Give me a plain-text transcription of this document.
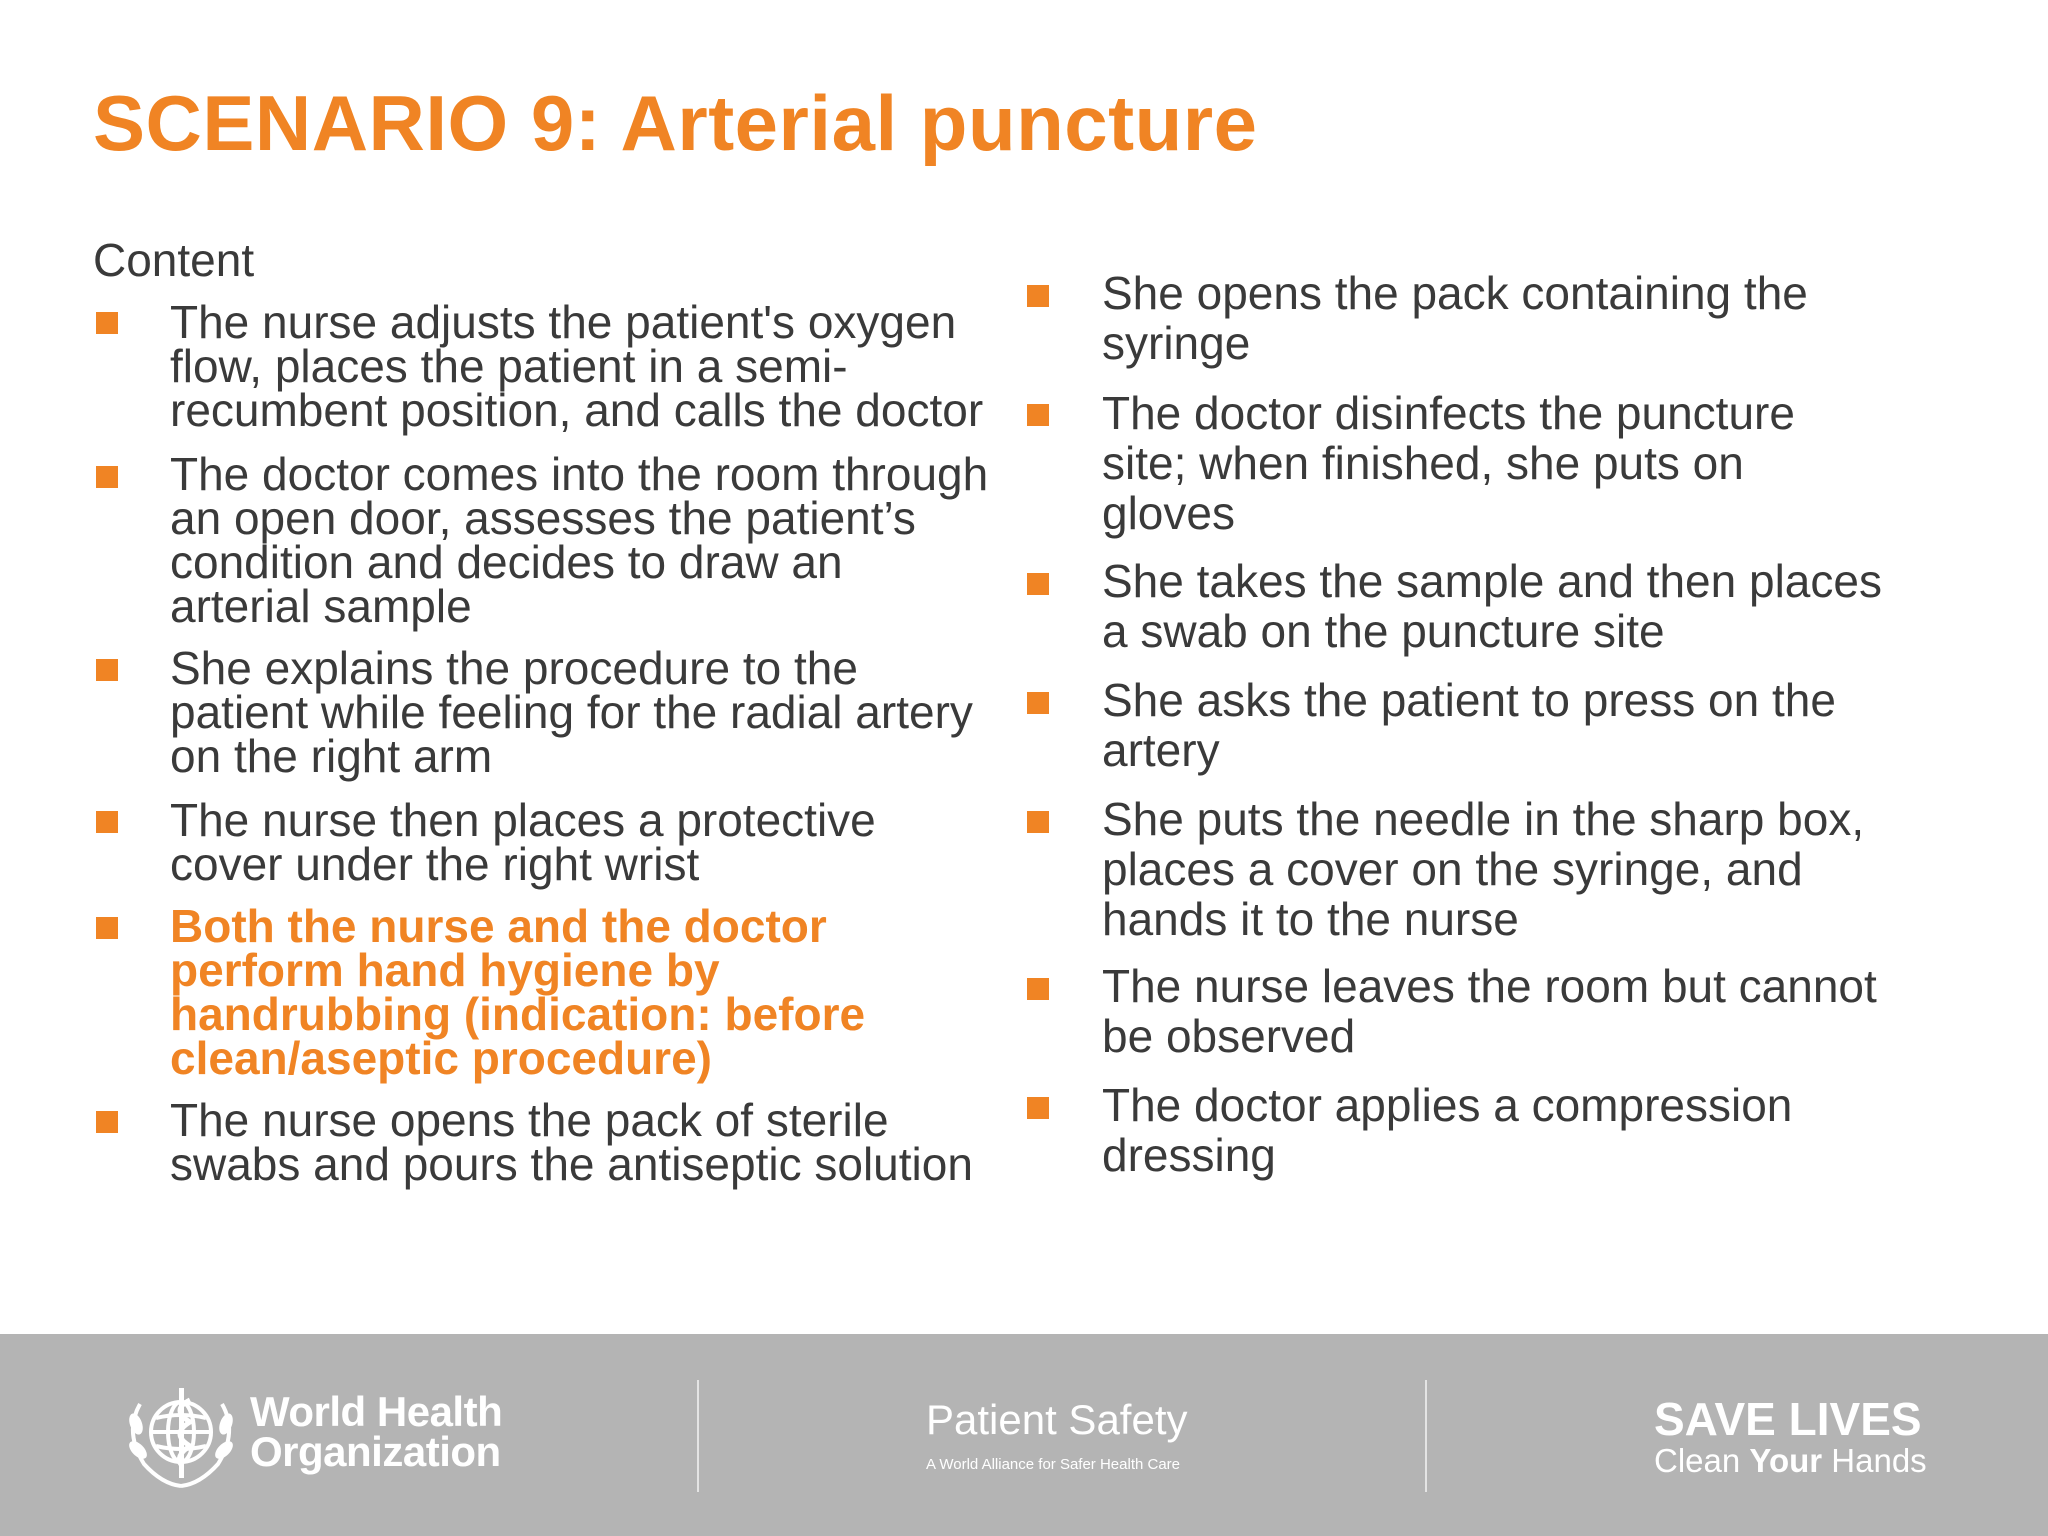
SCENARIO 9: Arterial puncture
Content
The nurse adjusts the patient's oxygen
flow, places the patient in a semi-
recumbent position, and calls the doctor
The doctor comes into the room through
an open door, assesses the patient’s
condition and decides to draw an
arterial sample
She explains the procedure to the
patient while feeling for the radial artery
on the right arm
The nurse then places a protective
cover under the right wrist
Both the nurse and the doctor
perform hand hygiene by
handrubbing (indication: before
clean/aseptic procedure)
The nurse opens the pack of sterile
swabs and pours the antiseptic solution
She opens the pack containing the
syringe
The doctor disinfects the puncture
site; when finished, she puts on
gloves
She takes the sample and then places
a swab on the puncture site
She asks the patient to press on the
artery
She puts the needle in the sharp box,
places a cover on the syringe, and
hands it to the nurse
The nurse leaves the room but cannot
be observed
The doctor applies a compression
dressing
World Health
Organization
Patient Safety
A World Alliance for Safer Health Care
SAVE LIVES
Clean Your Hands
